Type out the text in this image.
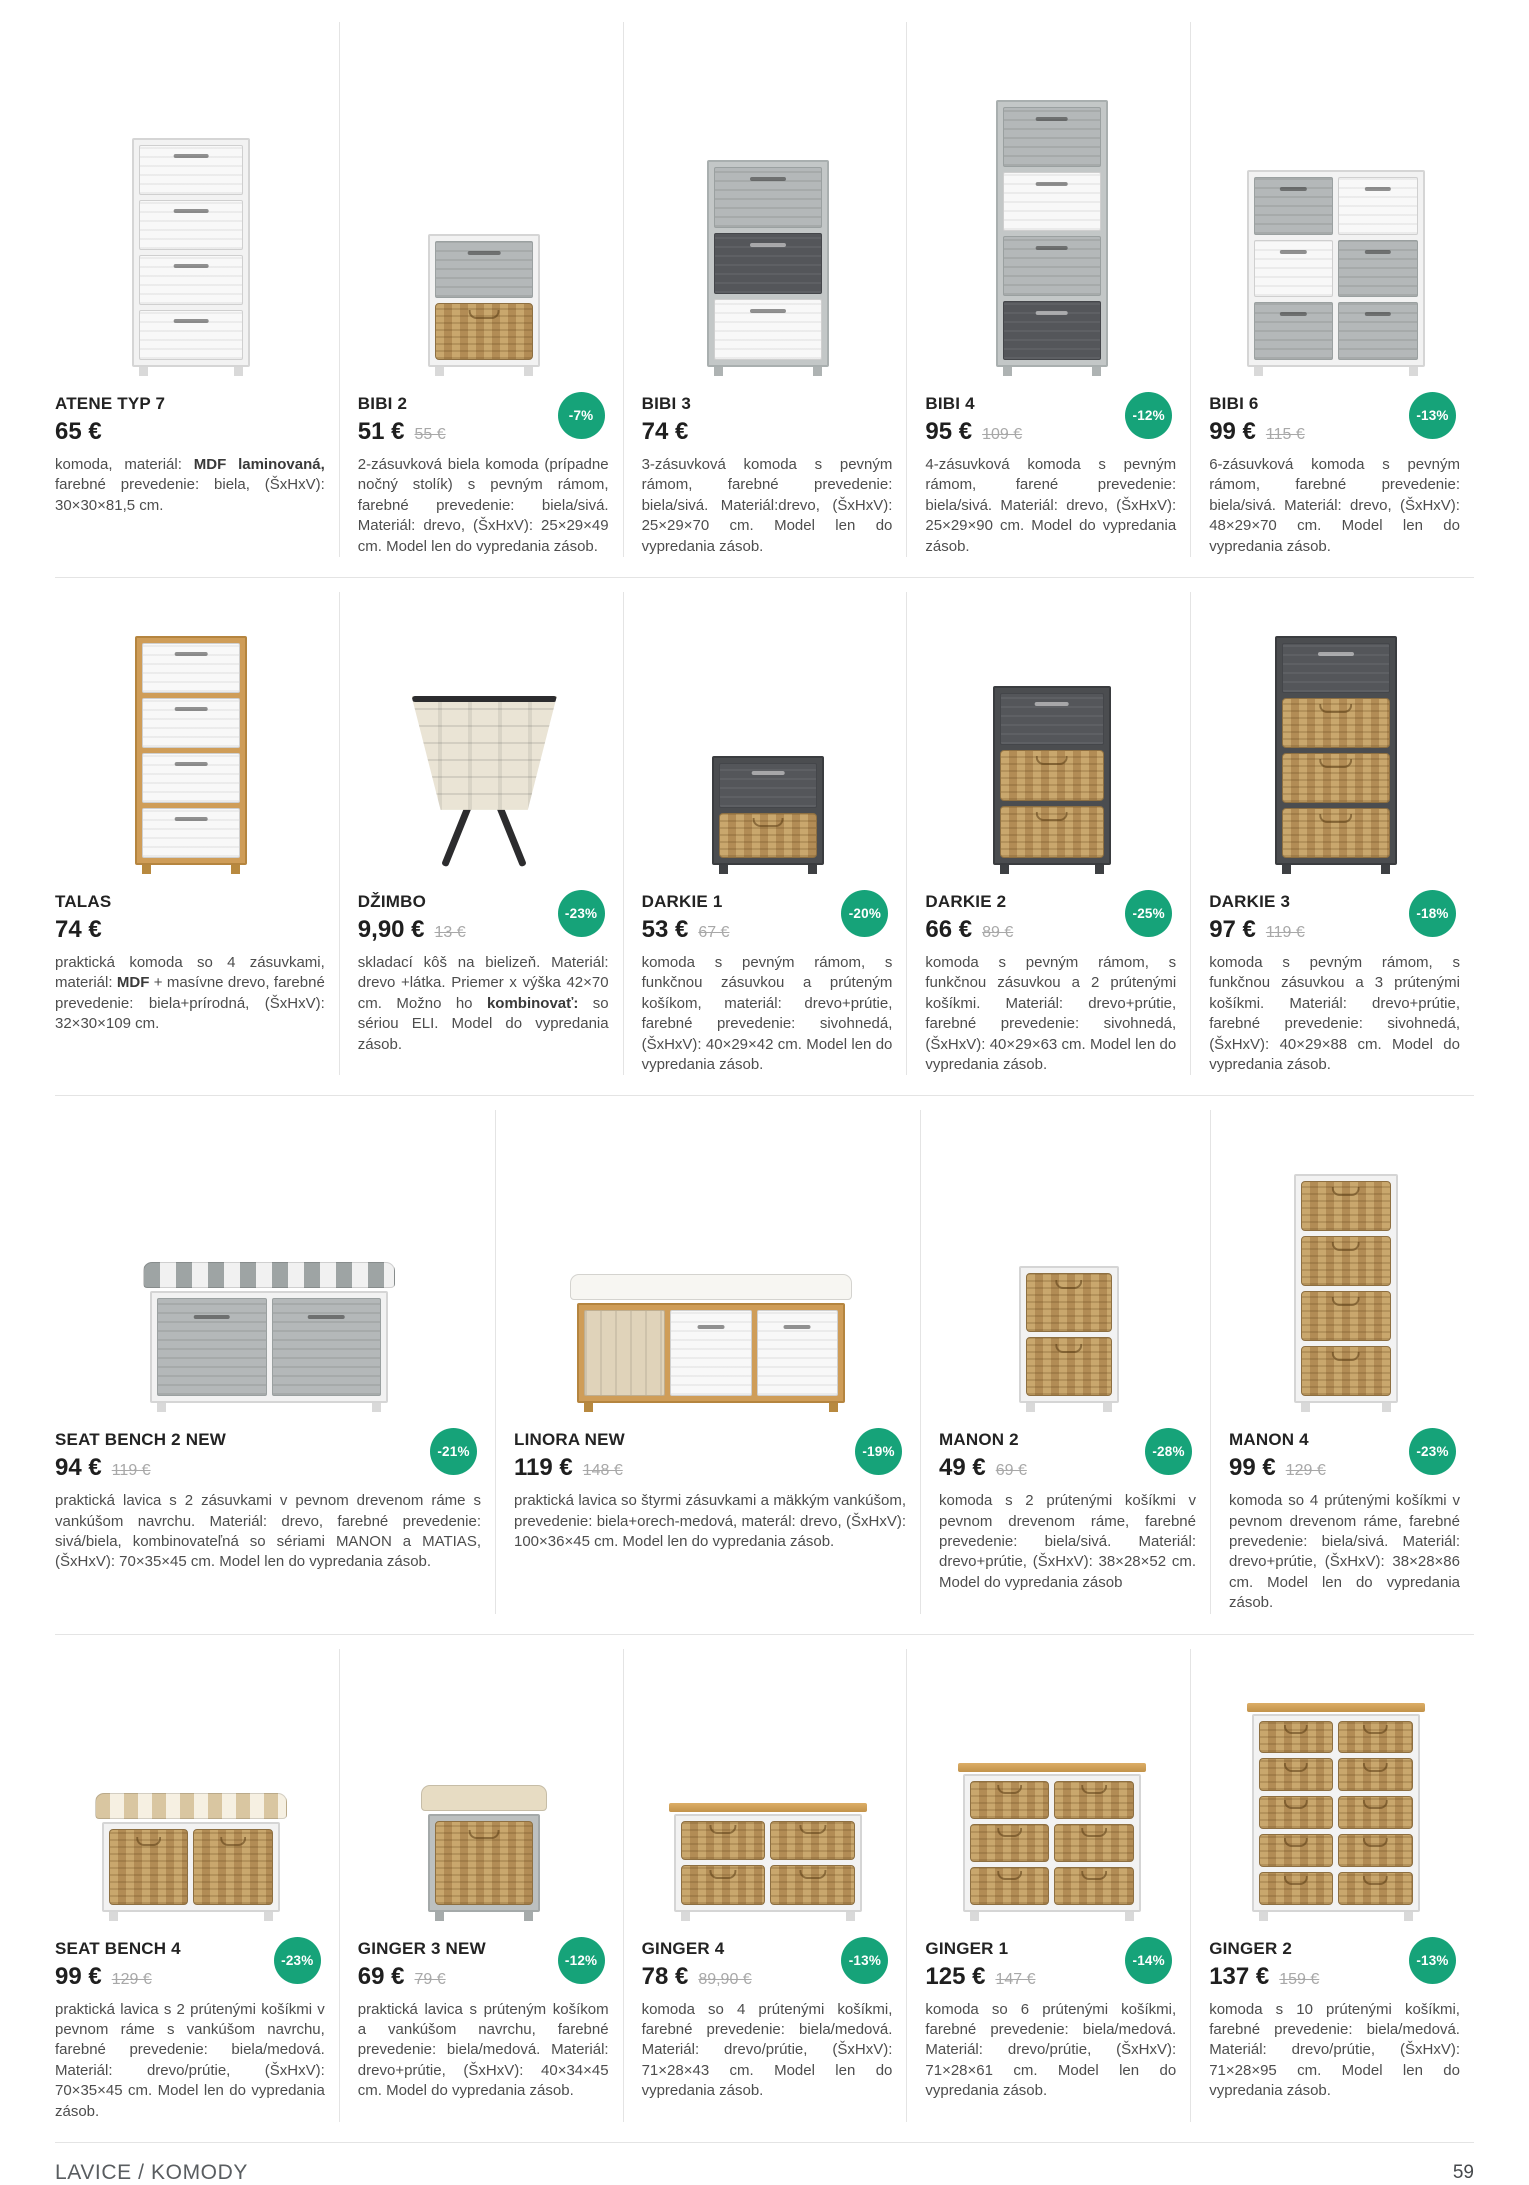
ATENE TYP 7
65 €

komoda, materiál: MDF laminovaná, farebné prevedenie: biela, (ŠxHxV): 30×30×81,5 cm.

-7%
BIBI 2
51 € 55 €

2-zásuvková biela komoda (prípadne nočný stolík) s pevným rámom, farebné prevedenie: biela/sivá. Materiál: drevo, (ŠxHxV): 25×29×49 cm. Model len do vypredania zásob.

BIBI 3
74 €

3-zásuvková komoda s pevným rámom, farebné prevedenie: biela/sivá. Materiál:drevo, (ŠxHxV): 25×29×70 cm. Model len do vypredania zásob.

-12%
BIBI 4
95 € 109 €

4-zásuvková komoda s pevným rámom, farené prevedenie: biela/sivá. Materiál: drevo, (ŠxHxV): 25×29×90 cm. Model do vypredania zásob.

-13%
BIBI 6
99 € 115 €

6-zásuvková komoda s pevným rámom, farebné prevedenie: biela/sivá. Materiál: drevo, (ŠxHxV): 48×29×70 cm. Model len do vypredania zásob.

TALAS
74 €

praktická komoda so 4 zásuvkami, materiál: MDF + masívne drevo, farebné prevedenie: biela+prírodná, (ŠxHxV): 32×30×109 cm.

-23%
DŽIMBO
9,90 € 13 €

skladací kôš na bielizeň. Materiál: drevo +látka. Priemer x výška 42×70 cm. Možno ho kombinovať: so sériou ELI. Model do vypredania zásob.

-20%
DARKIE 1
53 € 67 €

komoda s pevným rámom, s funkčnou zásuvkou a prúteným košíkom, materiál: drevo+prútie, farebné prevedenie: sivohnedá, (ŠxHxV): 40×29×42 cm. Model len do vypredania zásob.

-25%
DARKIE 2
66 € 89 €

komoda s pevným rámom, s funkčnou zásuvkou a 2 prútenými košíkmi. Materiál: drevo+prútie, farebné prevedenie: sivohnedá, (ŠxHxV): 40×29×63 cm. Model len do vypredania zásob.

-18%
DARKIE 3
97 € 119 €

komoda s pevným rámom, s funkčnou zásuvkou a 3 prútenými košíkmi. Materiál: drevo+prútie, farebné prevedenie: sivohnedá, (ŠxHxV): 40×29×88 cm. Model do vypredania zásob.

-21%
SEAT BENCH 2 NEW
94 € 119 €

praktická lavica s 2 zásuvkami v pevnom drevenom ráme s vankúšom navrchu. Materiál: drevo, farebné prevedenie: sivá/biela, kombinovateľná so sériami MANON a MATIAS, (ŠxHxV): 70×35×45 cm. Model len do vypredania zásob.

-19%
LINORA NEW
119 € 148 €

praktická lavica so štyrmi zásuvkami a mäkkým vankúšom, prevedenie: biela+orech-medová, materál: drevo, (ŠxHxV): 100×36×45 cm. Model len do vypredania zásob.

-28%
MANON 2
49 € 69 €

komoda s 2 prútenými košíkmi v pevnom drevenom ráme, farebné prevedenie: biela/sivá. Materiál: drevo+prútie, (ŠxHxV): 38×28×52 cm. Model do vypredania zásob

-23%
MANON 4
99 € 129 €

komoda so 4 prútenými košíkmi v pevnom drevenom ráme, farebné prevedenie: biela/sivá. Materiál: drevo+prútie, (ŠxHxV): 38×28×86 cm. Model len do vypredania zásob.

-23%
SEAT BENCH 4
99 € 129 €

praktická lavica s 2 prútenými košíkmi v pevnom ráme s vankúšom navrchu, farebné prevedenie: biela/medová. Materiál: drevo/prútie, (ŠxHxV): 70×35×45 cm. Model len do vypredania zásob.

-12%
GINGER 3 NEW
69 € 79 €

praktická lavica s prúteným košíkom a vankúšom navrchu, farebné prevedenie: biela/medová. Materiál: drevo+prútie, (ŠxHxV): 40×34×45 cm. Model do vypredania zásob.

-13%
GINGER 4
78 € 89,90 €

komoda so 4 prútenými košíkmi, farebné prevedenie: biela/medová. Materiál: drevo/prútie, (ŠxHxV): 71×28×43 cm. Model len do vypredania zásob.

-14%
GINGER 1
125 € 147 €

komoda so 6 prútenými košíkmi, farebné prevedenie: biela/medová. Materiál: drevo/prútie, (ŠxHxV): 71×28×61 cm. Model len do vypredania zásob.

-13%
GINGER 2
137 € 159 €

komoda s 10 prútenými košíkmi, farebné prevedenie: biela/medová. Materiál: drevo/prútie, (ŠxHxV): 71×28×95 cm. Model len do vypredania zásob.

LAVICE / KOMODY	59
